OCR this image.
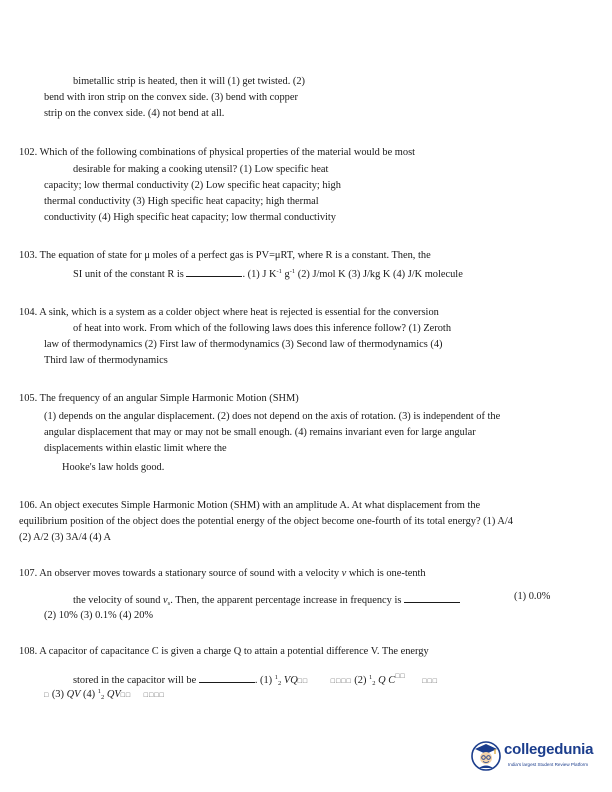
bimetallic strip is heated, then it will (1) get twisted. (2)
bend with iron strip on the convex side. (3) bend with copper
strip on the convex side. (4) not bend at all.
102. Which of the following combinations of physical properties of the material would be most
desirable for making a cooking utensil? (1) Low specific heat
capacity; low thermal conductivity (2) Low specific heat capacity; high
thermal conductivity (3) High specific heat capacity; high thermal
conductivity (4) High specific heat capacity; low thermal conductivity
103. The equation of state for μ moles of a perfect gas is PV=μRT, where R is a constant. Then, the
SI unit of the constant R is	. (1) J $K^{-1}$ $g^{-1}$ (2) J/mol K (3) J/kg K (4) J/K molecule
104. A sink, which is a system as a colder object where heat is rejected is essential for the conversion
of heat into work. From which of the following laws does this inference follow? (1) Zeroth
law of thermodynamics (2) First law of thermodynamics (3) Second law of thermodynamics (4)
Third law of thermodynamics
105. The frequency of an angular Simple Harmonic Motion (SHM)
(1) depends on the angular displacement. (2) does not depend on the axis of rotation. (3) is independent of the
angular displacement that may or may not be small enough. (4) remains invariant even for large angular
displacements within elastic limit where the
Hooke's law holds good.
106. An object executes Simple Harmonic Motion (SHM) with an amplitude A. At what displacement from the
equilibrium position of the object does the potential energy of the object become one-fourth of its total energy? (1) A/4
(2) A/2 (3) 3A/4 (4) A
107. An observer moves towards a stationary source of sound with a velocity v which is one-tenth
the velocity of sound $v_s$. Then, the apparent percentage increase in frequency is	(1) 0.0%
(2) 10% (3) 0.1% (4) 20%
108. A capacitor of capacitance C is given a charge Q to attain a potential difference V. The energy
stored in the capacitor will be	. (1) $^1_2$ VQ□□	□□□□ (2) $^1_2$ Q C□□ □□□
□ (3) QV (4) $^1_2$ QV□□ □□□□
collegedunia
India's largest Student Review Platform
